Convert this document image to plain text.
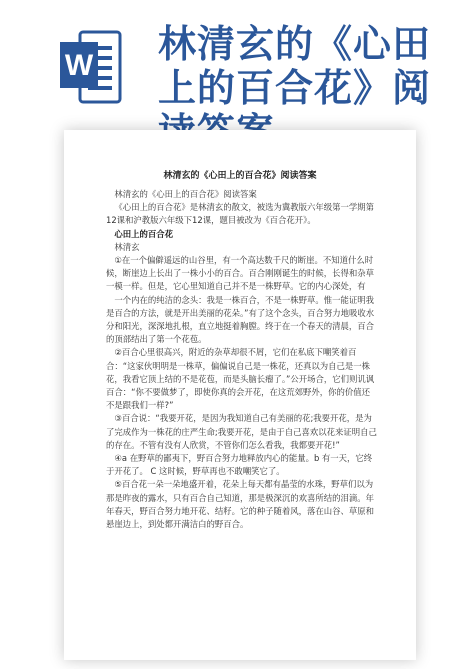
W 林清玄的《心田上的百合花》阅
林清玄的《心田上的百合花》阅读答案

林清玄的《心田上的百合花》阅读答案

《心田上的百合花》是林清玄的散文，被选为冀教版六年级第一学期第12课和沪教版六年级下12课，题目被改为《百合花开》。

心田上的百合花

林清玄

①在一个偏僻遥远的山谷里，有一个高达数千尺的断崖。不知道什么时候，断崖边上长出了一株小小的百合。百合刚刚诞生的时候，长得和杂草一模一样。但是，它心里知道自己并不是一株野草。它的内心深处，有

一个内在的纯洁的念头：我是一株百合，不是一株野草。惟一能证明我是百合的方法，就是开出美丽的花朵。”有了这个念头，百合努力地吸收水分和阳光，深深地扎根，直立地挺着胸膛。终于在一个春天的清晨，百合的顶部结出了第一个花苞。

②百合心里很高兴，附近的杂草却很不屑，它们在私底下嘲笑着百合：“这家伙明明是一株草，偏偏说自己是一株花，还真以为自己是一株花，我看它顶上结的不是花苞，而是头脑长瘤了。”公开场合，它们则讥讽百合：“你不要做梦了，即使你真的会开花，在这荒郊野外，你的价值还不是跟我们一样?”

③百合说：“我要开花，是因为我知道自己有美丽的花;我要开花，是为了完成作为一株花的庄严生命;我要开花，是由于自己喜欢以花来证明自己的存在。不管有没有人欣赏，不管你们怎么看我，我都要开花!”

④a 在野草的鄙夷下，野百合努力地释放内心的能量。b 有一天，它终于开花了。 C 这时候，野草再也不敢嘲笑它了。

⑤百合花一朵一朵地盛开着，花朵上每天都有晶莹的水珠，野草们以为那是昨夜的露水，只有百合自己知道，那是极深沉的欢喜所结的泪滴。年年春天，野百合努力地开花、结籽。它的种子随着风，落在山谷、草原和悬崖边上，到处都开满洁白的野百合。
